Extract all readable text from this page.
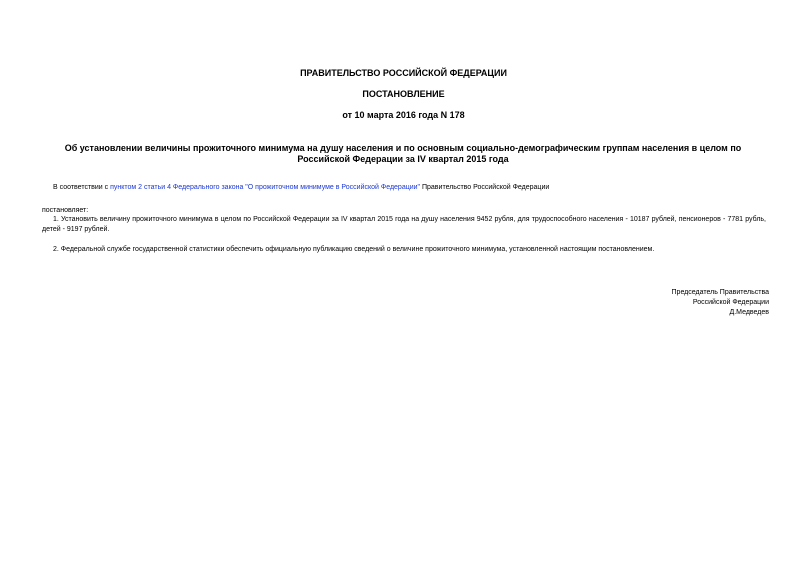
ПРАВИТЕЛЬСТВО РОССИЙСКОЙ ФЕДЕРАЦИИ

ПОСТАНОВЛЕНИЕ

от 10 марта 2016 года N 178

Об установлении величины прожиточного минимума на душу населения и по основным социально-демографическим группам населения в целом по Российской Федерации за IV квартал 2015 года

В соответствии с пунктом 2 статьи 4 Федерального закона "О прожиточном минимуме в Российской Федерации" Правительство Российской Федерации

постановляет:

1. Установить величину прожиточного минимума в целом по Российской Федерации за IV квартал 2015 года на душу населения 9452 рубля, для трудоспособного населения - 10187 рублей, пенсионеров - 7781 рубль, детей - 9197 рублей.

2. Федеральной службе государственной статистики обеспечить официальную публикацию сведений о величине прожиточного минимума, установленной настоящим постановлением.

Председатель Правительства
Российской Федерации
Д.Медведев
